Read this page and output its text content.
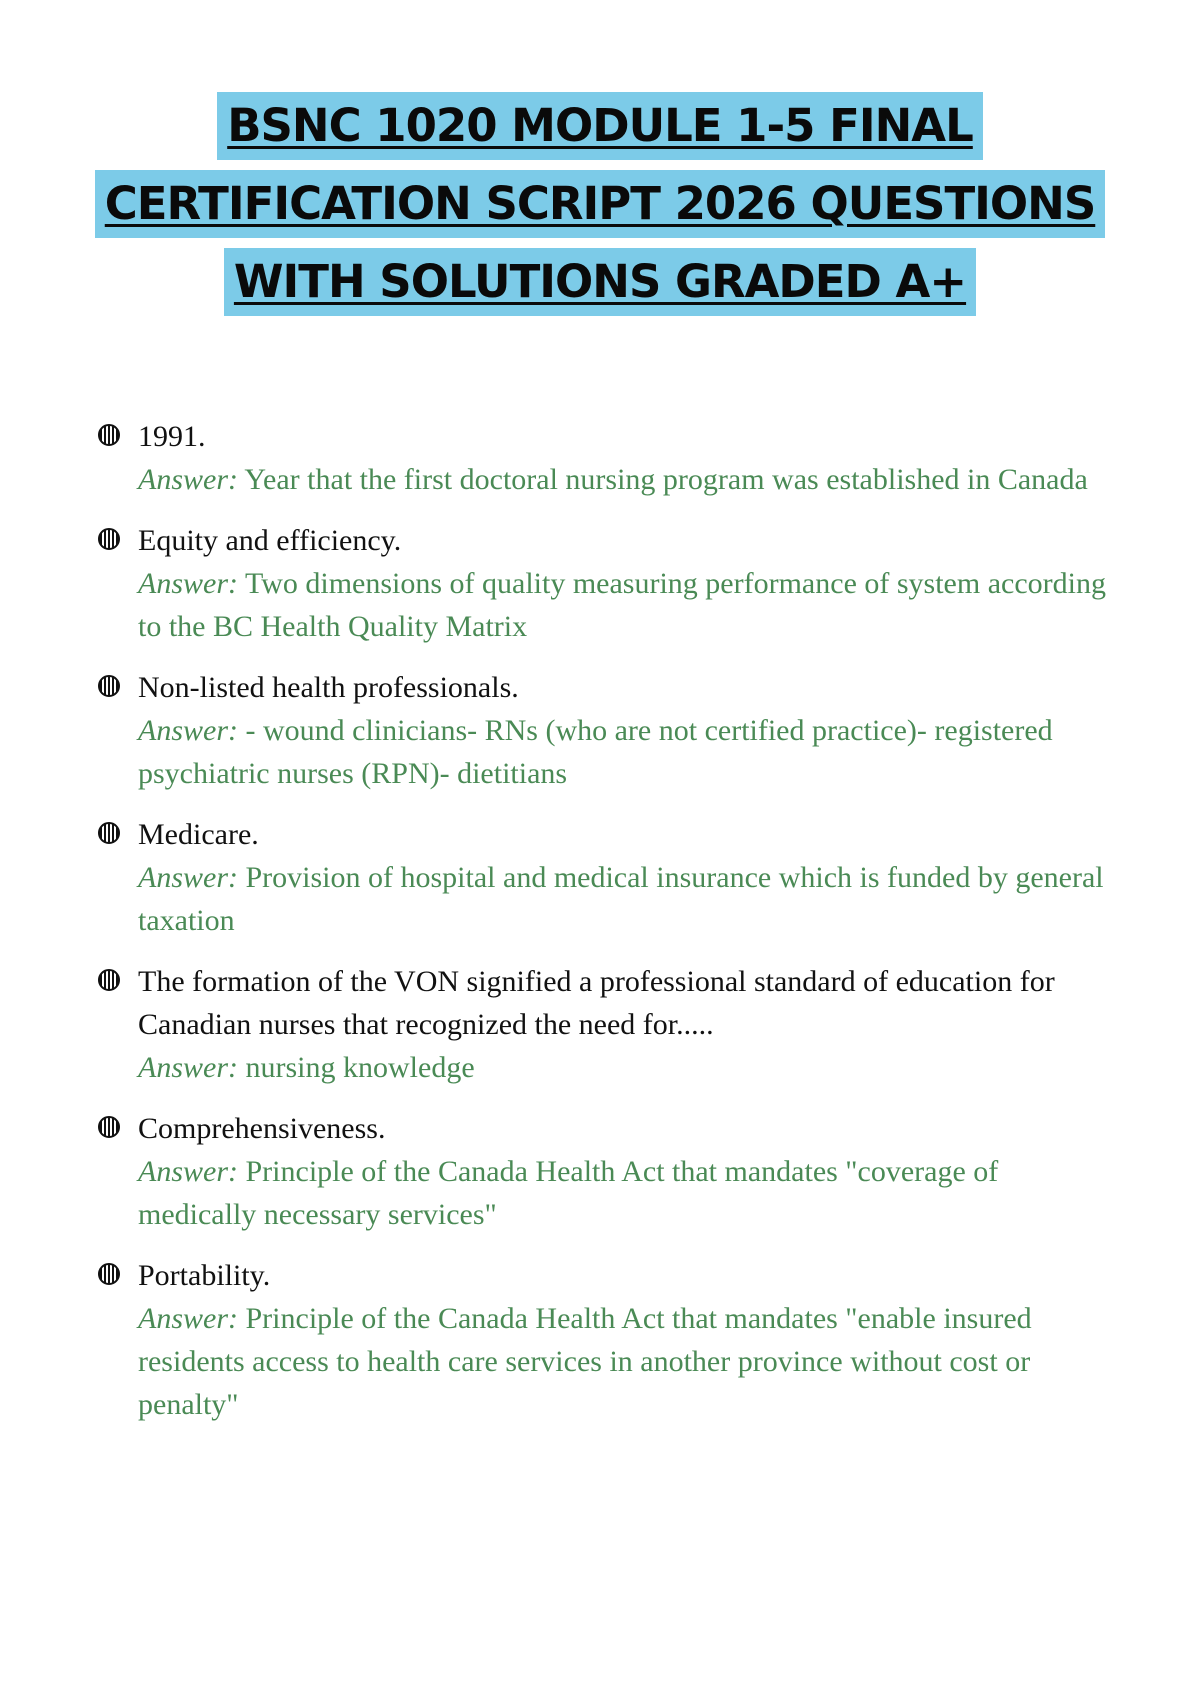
BSNC 1020 MODULE 1-5 FINAL
CERTIFICATION SCRIPT 2026 QUESTIONS
WITH SOLUTIONS GRADED A+
1991.
Answer: Year that the first doctoral nursing program was established in Canada
Equity and efficiency.
Answer: Two dimensions of quality measuring performance of system according to the BC Health Quality Matrix
Non-listed health professionals.
Answer: - wound clinicians- RNs (who are not certified practice)- registered psychiatric nurses (RPN)- dietitians
Medicare.
Answer: Provision of hospital and medical insurance which is funded by general taxation
The formation of the VON signified a professional standard of education for Canadian nurses that recognized the need for.....
Answer: nursing knowledge
Comprehensiveness.
Answer: Principle of the Canada Health Act that mandates "coverage of medically necessary services"
Portability.
Answer: Principle of the Canada Health Act that mandates "enable insured residents access to health care services in another province without cost or penalty"
